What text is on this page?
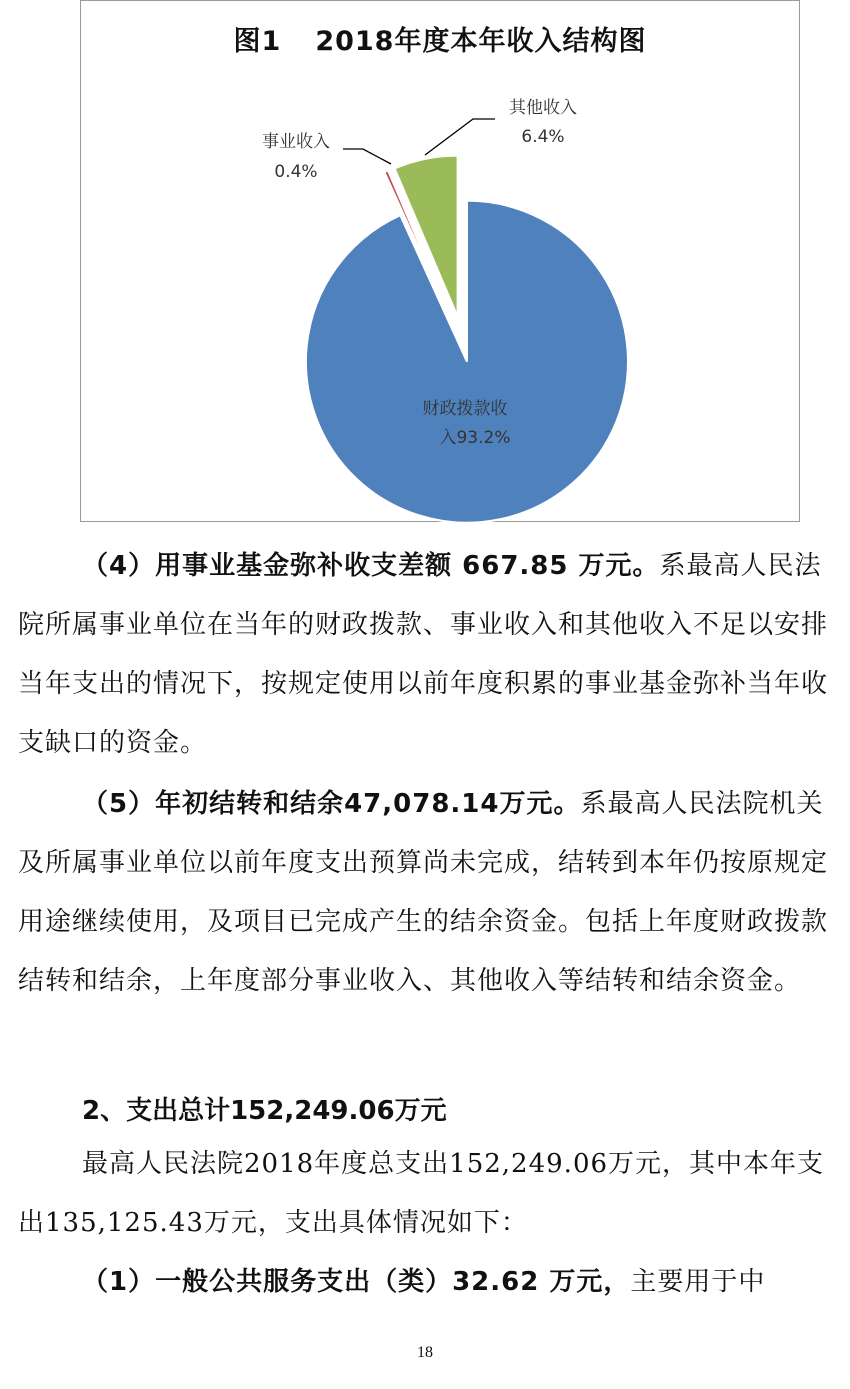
图1 2018年度本年收入结构图
财政拨款收
入93.2%
事业收入
0.4%
其他收入
6.4%

（4）用事业基金弥补收支差额 667.85 万元。系最高人民法院所属事业单位在当年的财政拨款、事业收入和其他收入不足以安排当年支出的情况下，按规定使用以前年度积累的事业基金弥补当年收支缺口的资金。

（5）年初结转和结余47,078.14万元。系最高人民法院机关及所属事业单位以前年度支出预算尚未完成，结转到本年仍按原规定用途继续使用，及项目已完成产生的结余资金。包括上年度财政拨款结转和结余，上年度部分事业收入、其他收入等结转和结余资金。

2、支出总计152,249.06万元

最高人民法院2018年度总支出152,249.06万元，其中本年支出135,125.43万元，支出具体情况如下：

（1）一般公共服务支出（类）32.62 万元，主要用于中

18
